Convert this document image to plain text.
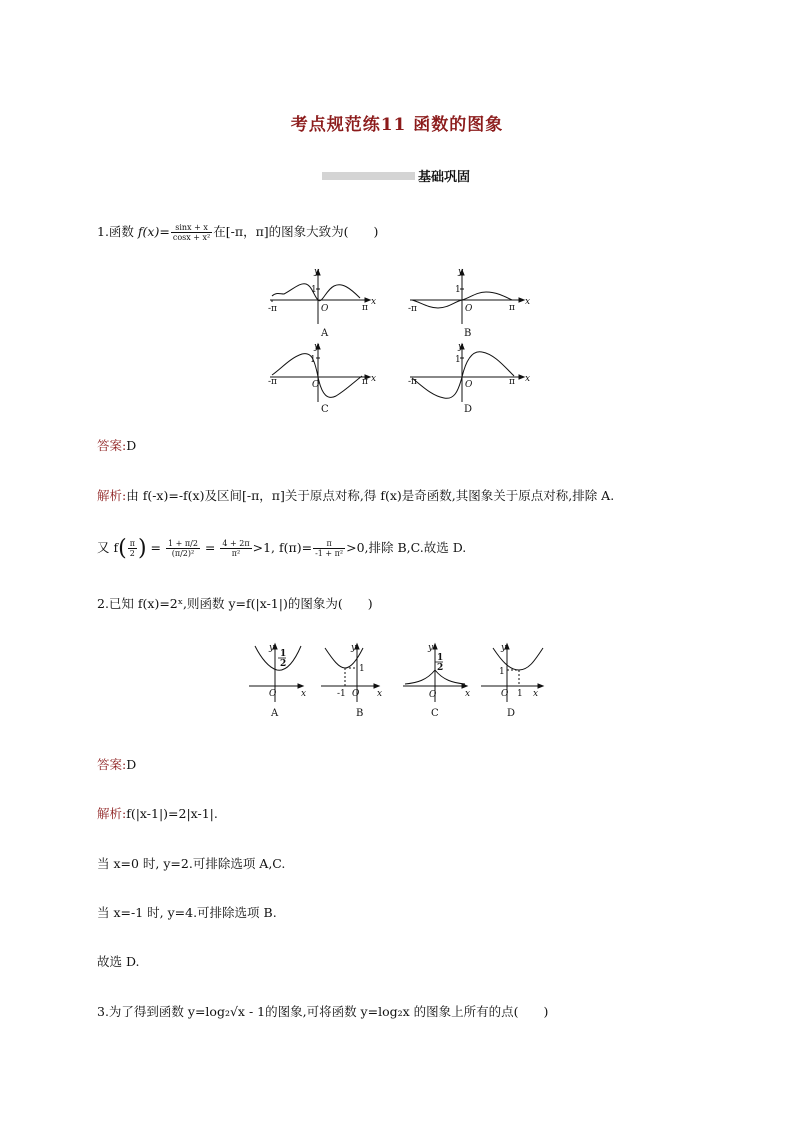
考点规范练11 函数的图象
基础巩固
1.函数 $f(x)= \frac{\sin x + x}{\text{cosx + x²}}$ 在[-π，π]的图象大致为(　　)
y
x
1
O
-π	π
A
y
x
1
O
-π	π
B
y
x
1
O
-π	π
C
y
x
1
O
-π	π
D
答案:D
解析:由 f(-x)=-f(x)及区间[-π，π]关于原点对称,得 f(x)是奇函数,其图象关于原点对称,排除 A.
又 $f( \frac{\pi}{2}$ ) = $\frac{1 + \pi/2}{\text{(π/2)²}} = \frac{4 + 2\pi}{\text{π²}} >1$, $f(\pi)= \frac{\pi}{\text{-1 + π²}} >0$,排除 B,C.故选 D.
2.已知 f(x)=2ˣ,则函数 y=f(|x-1|)的图象为(　　)
y
1
2
O	x
A
y
1
-1 O x
B
y
1
2
O	x
C
y
1
O 1 x
D
答案:D
解析:f(|x-1|)=2|x-1|.
当 x=0 时, y=2.可排除选项 A,C.
当 x=-1 时, y=4.可排除选项 B.
故选 D.
3.为了得到函数 y=log₂√x - 1的图象,可将函数 y=log₂x 的图象上所有的点(　　)
